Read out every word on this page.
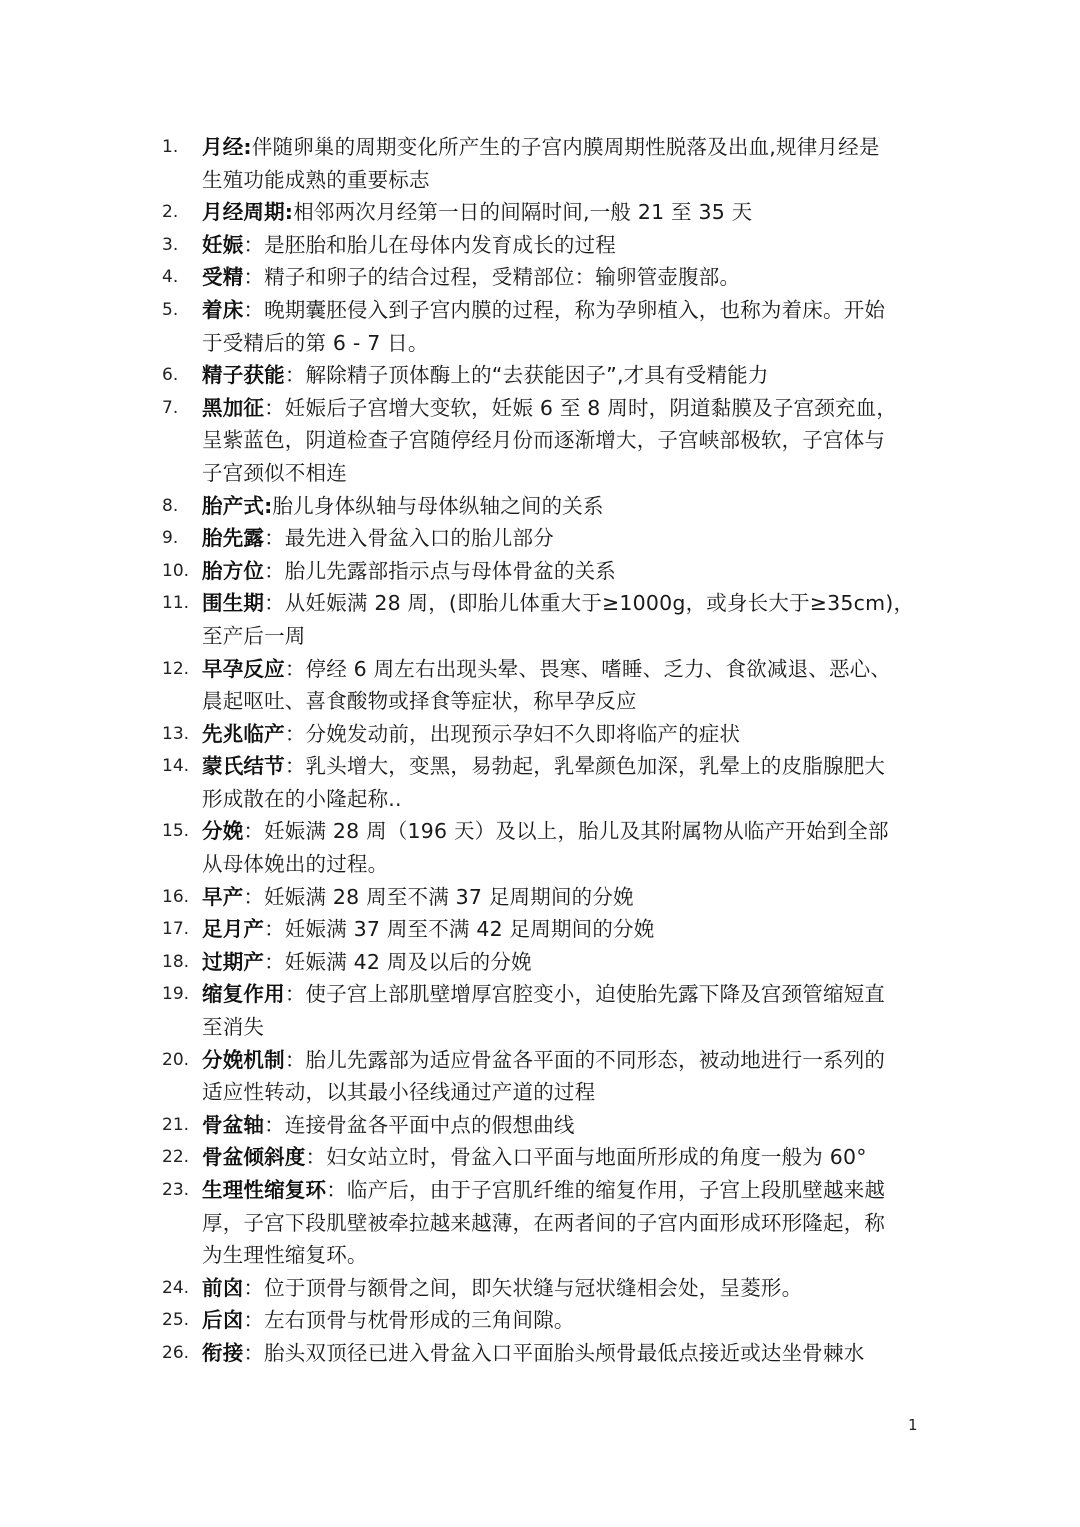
1. 月经:伴随卵巢的周期变化所产生的子宫内膜周期性脱落及出血,规律月经是
生殖功能成熟的重要标志
2. 月经周期:相邻两次月经第一日的间隔时间,一般 21 至 35 天
3. 妊娠：是胚胎和胎儿在母体内发育成长的过程
4. 受精：精子和卵子的结合过程，受精部位：输卵管壶腹部。
5. 着床：晚期囊胚侵入到子宫内膜的过程，称为孕卵植入，也称为着床。开始
于受精后的第 6 - 7 日。
6. 精子获能：解除精子顶体酶上的“去获能因子”,才具有受精能力
7. 黑加征：妊娠后子宫增大变软，妊娠 6 至 8 周时，阴道黏膜及子宫颈充血，
呈紫蓝色，阴道检查子宫随停经月份而逐渐增大，子宫峡部极软，子宫体与
子宫颈似不相连
8. 胎产式:胎儿身体纵轴与母体纵轴之间的关系
9. 胎先露：最先进入骨盆入口的胎儿部分
10. 胎方位：胎儿先露部指示点与母体骨盆的关系
11. 围生期：从妊娠满 28 周，(即胎儿体重大于≥1000g，或身长大于≥35cm)，
至产后一周
12. 早孕反应：停经 6 周左右出现头晕、畏寒、嗜睡、乏力、食欲减退、恶心、
晨起呕吐、喜食酸物或择食等症状，称早孕反应
13. 先兆临产：分娩发动前，出现预示孕妇不久即将临产的症状
14. 蒙氏结节：乳头增大，变黑，易勃起，乳晕颜色加深，乳晕上的皮脂腺肥大
形成散在的小隆起称..
15. 分娩：妊娠满 28 周（196 天）及以上，胎儿及其附属物从临产开始到全部
从母体娩出的过程。
16. 早产：妊娠满 28 周至不满 37 足周期间的分娩
17. 足月产：妊娠满 37 周至不满 42 足周期间的分娩
18. 过期产：妊娠满 42 周及以后的分娩
19. 缩复作用：使子宫上部肌壁增厚宫腔变小，迫使胎先露下降及宫颈管缩短直
至消失
20. 分娩机制：胎儿先露部为适应骨盆各平面的不同形态，被动地进行一系列的
适应性转动，以其最小径线通过产道的过程
21. 骨盆轴：连接骨盆各平面中点的假想曲线
22. 骨盆倾斜度：妇女站立时，骨盆入口平面与地面所形成的角度一般为 60°
23. 生理性缩复环：临产后，由于子宫肌纤维的缩复作用，子宫上段肌壁越来越
厚，子宫下段肌壁被牵拉越来越薄，在两者间的子宫内面形成环形隆起，称
为生理性缩复环。
24. 前囟：位于顶骨与额骨之间，即矢状缝与冠状缝相会处，呈菱形。
25. 后囟：左右顶骨与枕骨形成的三角间隙。
26. 衔接：胎头双顶径已进入骨盆入口平面胎头颅骨最低点接近或达坐骨棘水
1
